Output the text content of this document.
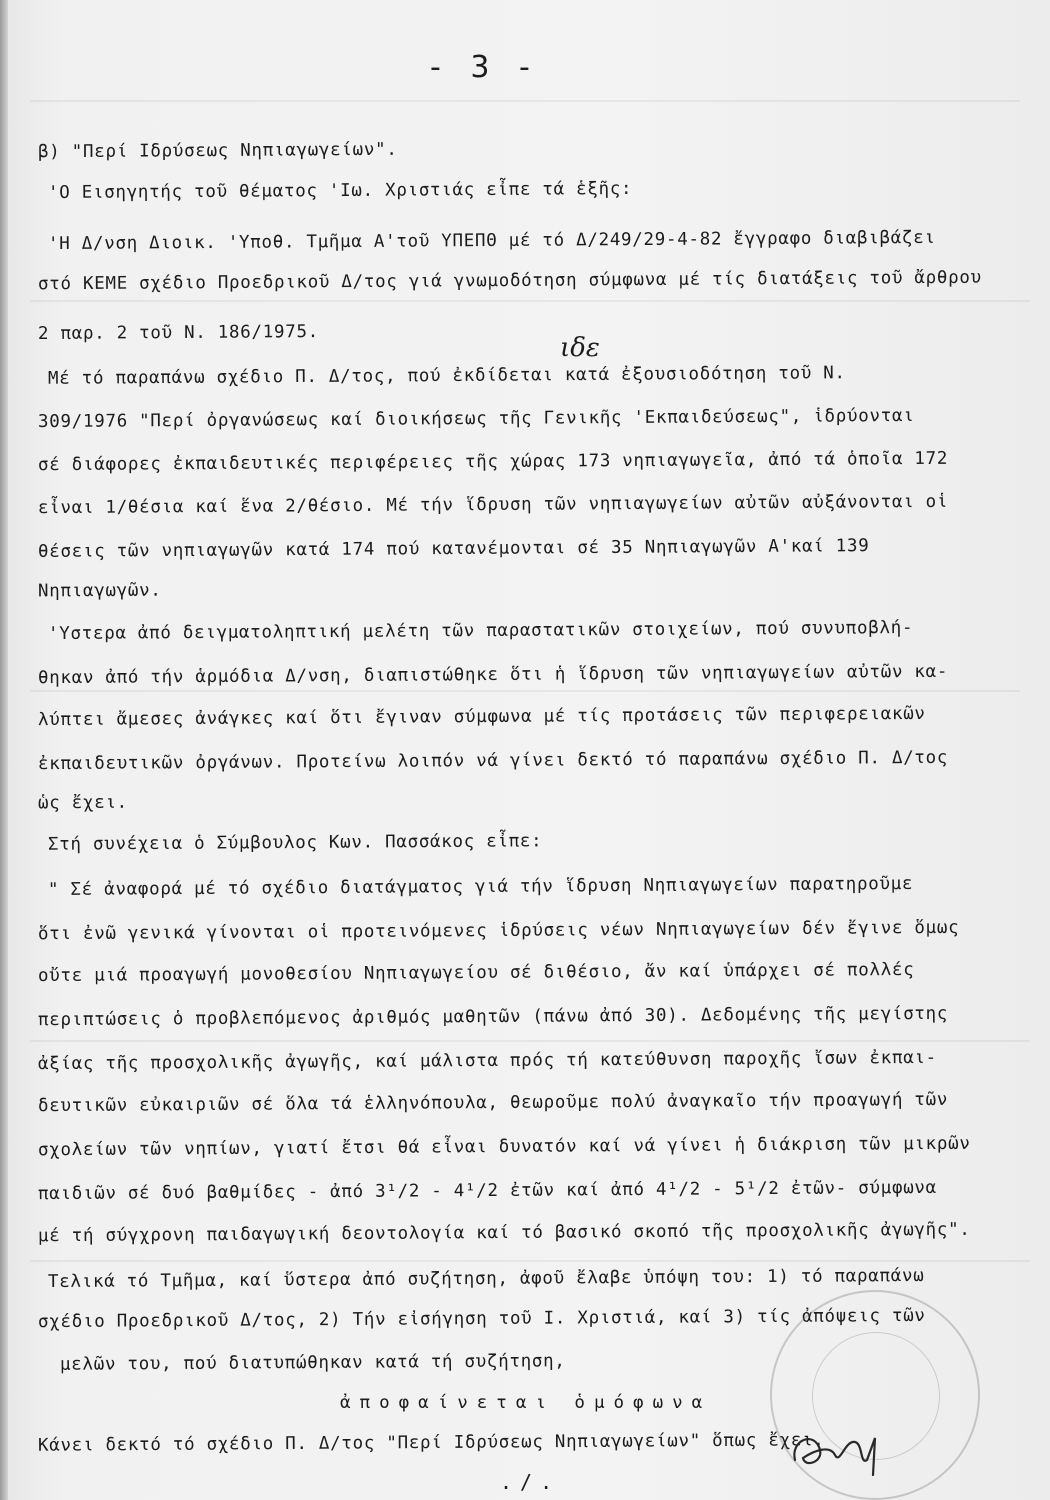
- 3 -
ιδε
β) "Περί Ιδρύσεως Νηπιαγωγείων".
'Ο Εισηγητής τοῦ θέματος 'Ιω. Χριστιάς εἶπε τά ἑξῆς:
'Η Δ/νση Διοικ. 'Υποθ. Τμῆμα Α'τοῦ ΥΠΕΠΘ μέ τό Δ/249/29-4-82 ἔγγραφο διαβιβάζει
στό ΚΕΜΕ σχέδιο Προεδρικοῦ Δ/τος γιά γνωμοδότηση σύμφωνα μέ τίς διατάξεις τοῦ ἄρθρου
2 παρ. 2 τοῦ Ν. 186/1975.
Μέ τό παραπάνω σχέδιο Π. Δ/τος, πού ἐκδίδεται κατά ἐξουσιοδότηση τοῦ Ν.
309/1976 "Περί ὀργανώσεως καί διοικήσεως τῆς Γενικῆς 'Εκπαιδεύσεως", ἱδρύονται
σέ διάφορες ἐκπαιδευτικές περιφέρειες τῆς χώρας 173 νηπιαγωγεῖα, ἀπό τά ὁποῖα 172
εἶναι 1/θέσια καί ἕνα 2/θέσιο. Μέ τήν ἵδρυση τῶν νηπιαγωγείων αὐτῶν αὐξάνονται οἱ
θέσεις τῶν νηπιαγωγῶν κατά 174 πού κατανέμονται σέ 35 Νηπιαγωγῶν Α'καί 139
Νηπιαγωγῶν.
'Υστερα ἀπό δειγματοληπτική μελέτη τῶν παραστατικῶν στοιχείων, πού συνυποβλή-
θηκαν ἀπό τήν ἁρμόδια Δ/νση, διαπιστώθηκε ὅτι ἡ ἵδρυση τῶν νηπιαγωγείων αὐτῶν κα-
λύπτει ἄμεσες ἀνάγκες καί ὅτι ἔγιναν σύμφωνα μέ τίς προτάσεις τῶν περιφερειακῶν
ἐκπαιδευτικῶν ὀργάνων. Προτείνω λοιπόν νά γίνει δεκτό τό παραπάνω σχέδιο Π. Δ/τος
ὡς ἔχει.
Στή συνέχεια ὁ Σύμβουλος Κων. Πασσάκος εἶπε:
" Σέ ἀναφορά μέ τό σχέδιο διατάγματος γιά τήν ἵδρυση Νηπιαγωγείων παρατηροῦμε
ὅτι ἐνῶ γενικά γίνονται οἱ προτεινόμενες ἱδρύσεις νέων Νηπιαγωγείων δέν ἔγινε ὅμως
οὔτε μιά προαγωγή μονοθεσίου Νηπιαγωγείου σέ διθέσιο, ἄν καί ὑπάρχει σέ πολλές
περιπτώσεις ὁ προβλεπόμενος ἀριθμός μαθητῶν (πάνω ἀπό 30). Δεδομένης τῆς μεγίστης
ἀξίας τῆς προσχολικῆς ἀγωγῆς, καί μάλιστα πρός τή κατεύθυνση παροχῆς ἴσων ἐκπαι-
δευτικῶν εὐκαιριῶν σέ ὅλα τά ἑλληνόπουλα, θεωροῦμε πολύ ἀναγκαῖο τήν προαγωγή τῶν
σχολείων τῶν νηπίων, γιατί ἔτσι θά εἶναι δυνατόν καί νά γίνει ἡ διάκριση τῶν μικρῶν
παιδιῶν σέ δυό βαθμίδες - ἀπό 3¹/2 - 4¹/2 ἐτῶν καί ἀπό 4¹/2 - 5¹/2 ἐτῶν- σύμφωνα
μέ τή σύγχρονη παιδαγωγική δεοντολογία καί τό βασικό σκοπό τῆς προσχολικῆς ἀγωγῆς".
Τελικά τό Τμῆμα, καί ὕστερα ἀπό συζήτηση, ἀφοῦ ἔλαβε ὑπόψη του: 1) τό παραπάνω
σχέδιο Προεδρικοῦ Δ/τος, 2) Τήν εἰσήγηση τοῦ Ι. Χριστιά, καί 3) τίς ἀπόψεις τῶν
μελῶν του, πού διατυπώθηκαν κατά τή συζήτηση,
ἀποφαίνεται ὁμόφωνα
Κάνει δεκτό τό σχέδιο Π. Δ/τος "Περί Ιδρύσεως Νηπιαγωγείων" ὅπως ἔχει.
./.
